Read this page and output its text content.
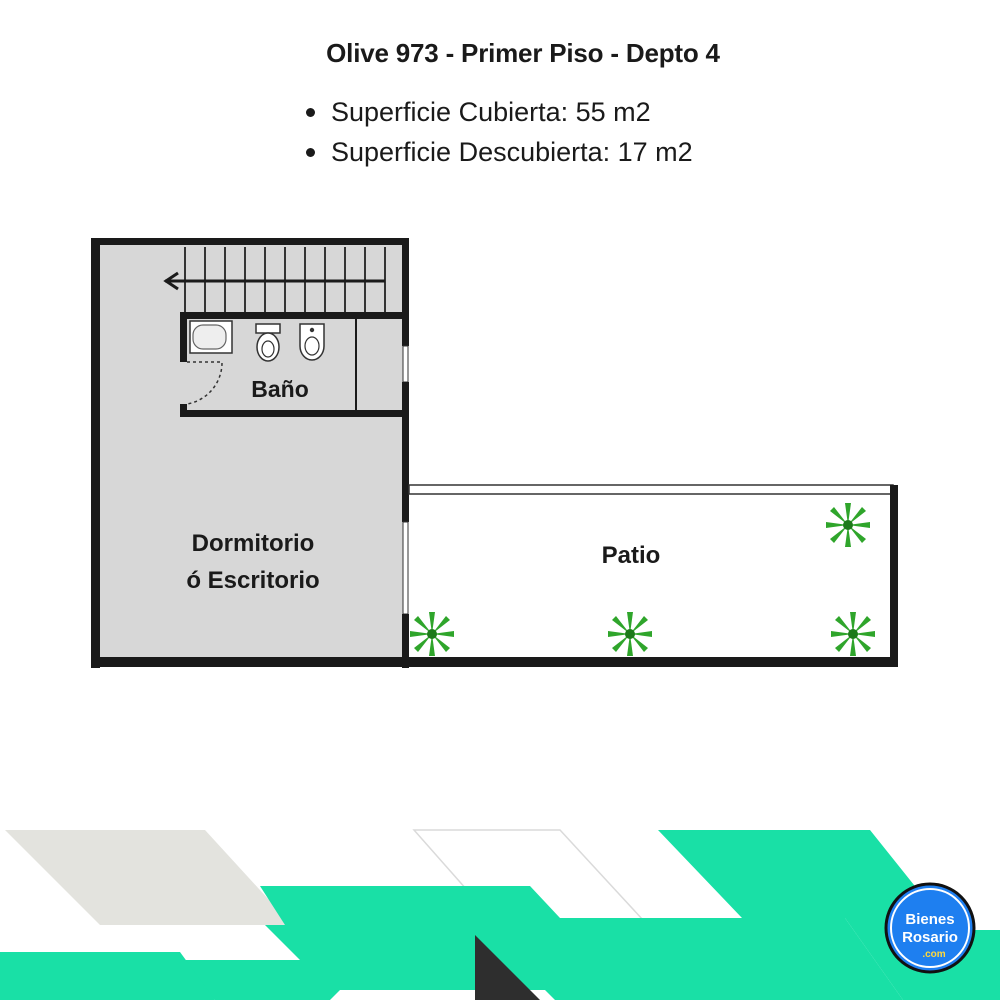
Olive 973 - Primer Piso - Depto 4
Superficie Cubierta: 55 m2
Superficie Descubierta: 17 m2
Baño
Dormitorio
ó Escritorio
Patio
Bienes
Rosario
.com
